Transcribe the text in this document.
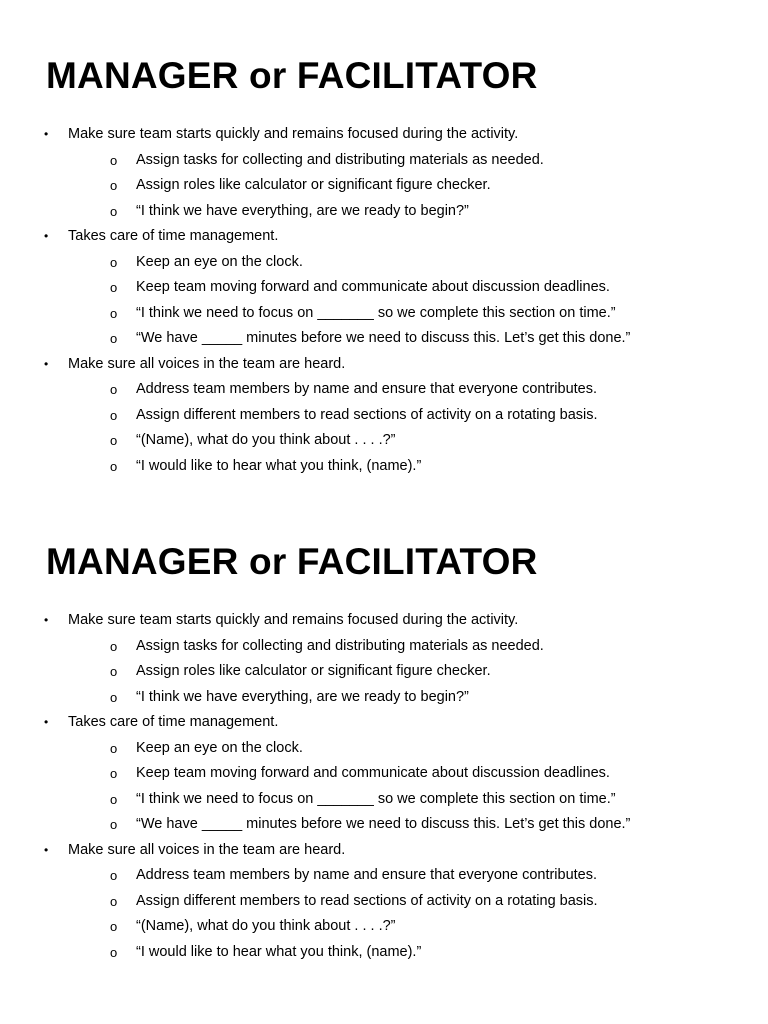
MANAGER or FACILITATOR
•	Make sure team starts quickly and remains focused during the activity.
o	Assign tasks for collecting and distributing materials as needed.
o	Assign roles like calculator or significant figure checker.
o	“I think we have everything, are we ready to begin?”
•	Takes care of time management.
o	Keep an eye on the clock.
o	Keep team moving forward and communicate about discussion deadlines.
o	“I think we need to focus on _______ so we complete this section on time.”
o	“We have _____ minutes before we need to discuss this. Let’s get this done.”
•	Make sure all voices in the team are heard.
o	Address team members by name and ensure that everyone contributes.
o	Assign different members to read sections of activity on a rotating basis.
o	“(Name), what do you think about . . . .?”
o	“I would like to hear what you think, (name).”
MANAGER or FACILITATOR
•	Make sure team starts quickly and remains focused during the activity.
o	Assign tasks for collecting and distributing materials as needed.
o	Assign roles like calculator or significant figure checker.
o	“I think we have everything, are we ready to begin?”
•	Takes care of time management.
o	Keep an eye on the clock.
o	Keep team moving forward and communicate about discussion deadlines.
o	“I think we need to focus on _______ so we complete this section on time.”
o	“We have _____ minutes before we need to discuss this. Let’s get this done.”
•	Make sure all voices in the team are heard.
o	Address team members by name and ensure that everyone contributes.
o	Assign different members to read sections of activity on a rotating basis.
o	“(Name), what do you think about . . . .?”
o	“I would like to hear what you think, (name).”
